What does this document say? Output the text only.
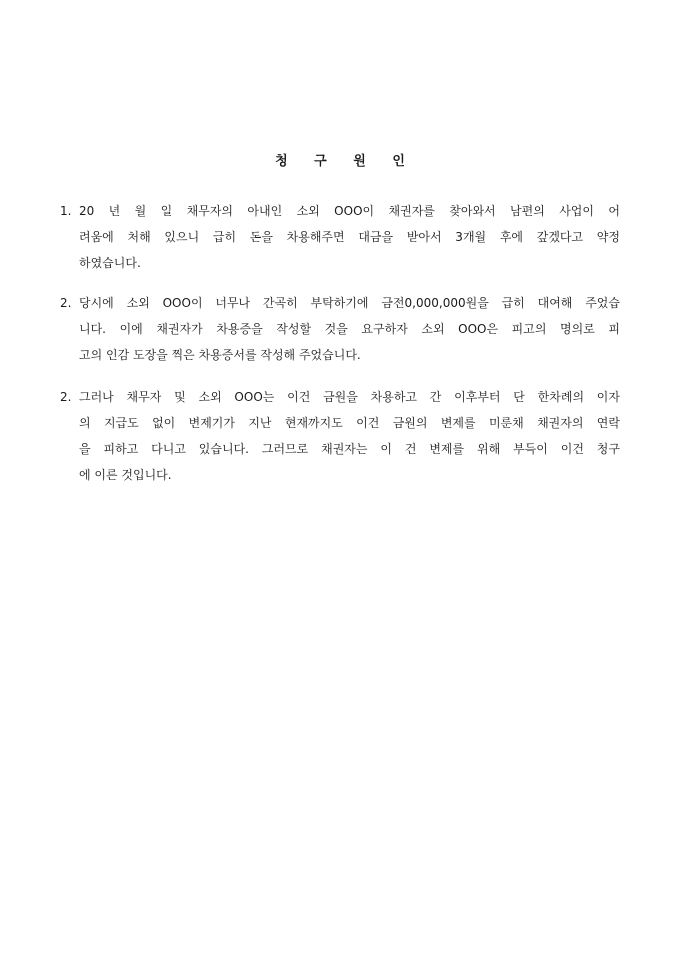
청 구 원 인
1. 20 년 월 일 채무자의 아내인 소외 OOO이 채권자를 찾아와서 남편의 사업이 어
려움에 처해 있으니 급히 돈을 차용해주면 대금을 받아서 3개월 후에 갚겠다고 약정
하였습니다.
2. 당시에 소외 OOO이 너무나 간곡히 부탁하기에 금전0,000,000원을 급히 대여해 주었습
니다. 이에 채권자가 차용증을 작성할 것을 요구하자 소외 OOO은 피고의 명의로 피
고의 인감 도장을 찍은 차용증서를 작성해 주었습니다.
2. 그러나 채무자 및 소외 OOO는 이건 금원을 차용하고 간 이후부터 단 한차례의 이자
의 지급도 없이 변제기가 지난 현재까지도 이건 금원의 변제를 미룬채 채권자의 연락
을 피하고 다니고 있습니다. 그러므로 채권자는 이 건 변제를 위해 부득이 이건 청구
에 이른 것입니다.
